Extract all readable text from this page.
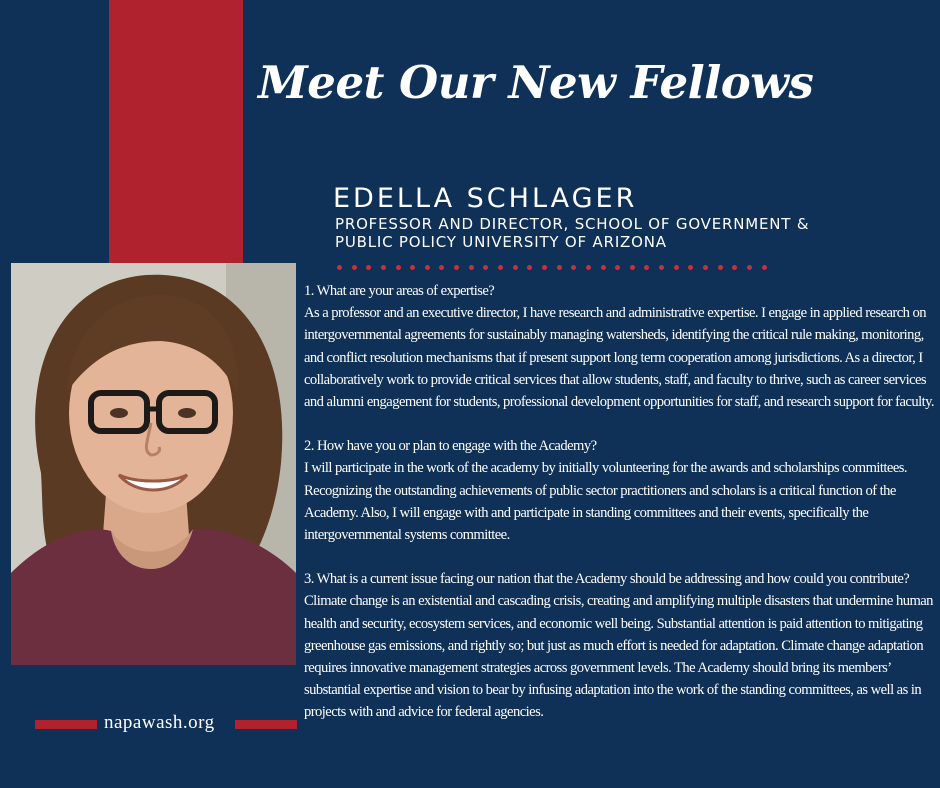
Meet Our New Fellows
EDELLA SCHLAGER
PROFESSOR AND DIRECTOR, SCHOOL OF GOVERNMENT & PUBLIC POLICY UNIVERSITY OF ARIZONA
napawash.org

1. What are your areas of expertise?

As a professor and an executive director, I have research and administrative expertise. I engage in applied research on intergovernmental agreements for sustainably managing watersheds, identifying the critical rule making, monitoring, and conflict resolution mechanisms that if present support long term cooperation among jurisdictions. As a director, I collaboratively work to provide critical services that allow students, staff, and faculty to thrive, such as career services and alumni engagement for students, professional development opportunities for staff, and research support for faculty.

2. How have you or plan to engage with the Academy?

I will participate in the work of the academy by initially volunteering for the awards and scholarships committees. Recognizing the outstanding achievements of public sector practitioners and scholars is a critical function of the Academy. Also, I will engage with and participate in standing committees and their events, specifically the intergovernmental systems committee.

3. What is a current issue facing our nation that the Academy should be addressing and how could you contribute?

Climate change is an existential and cascading crisis, creating and amplifying multiple disasters that undermine human health and security, ecosystem services, and economic well being. Substantial attention is paid attention to mitigating greenhouse gas emissions, and rightly so; but just as much effort is needed for adaptation. Climate change adaptation requires innovative management strategies across government levels. The Academy should bring its members’ substantial expertise and vision to bear by infusing adaptation into the work of the standing committees, as well as in projects with and advice for federal agencies.
